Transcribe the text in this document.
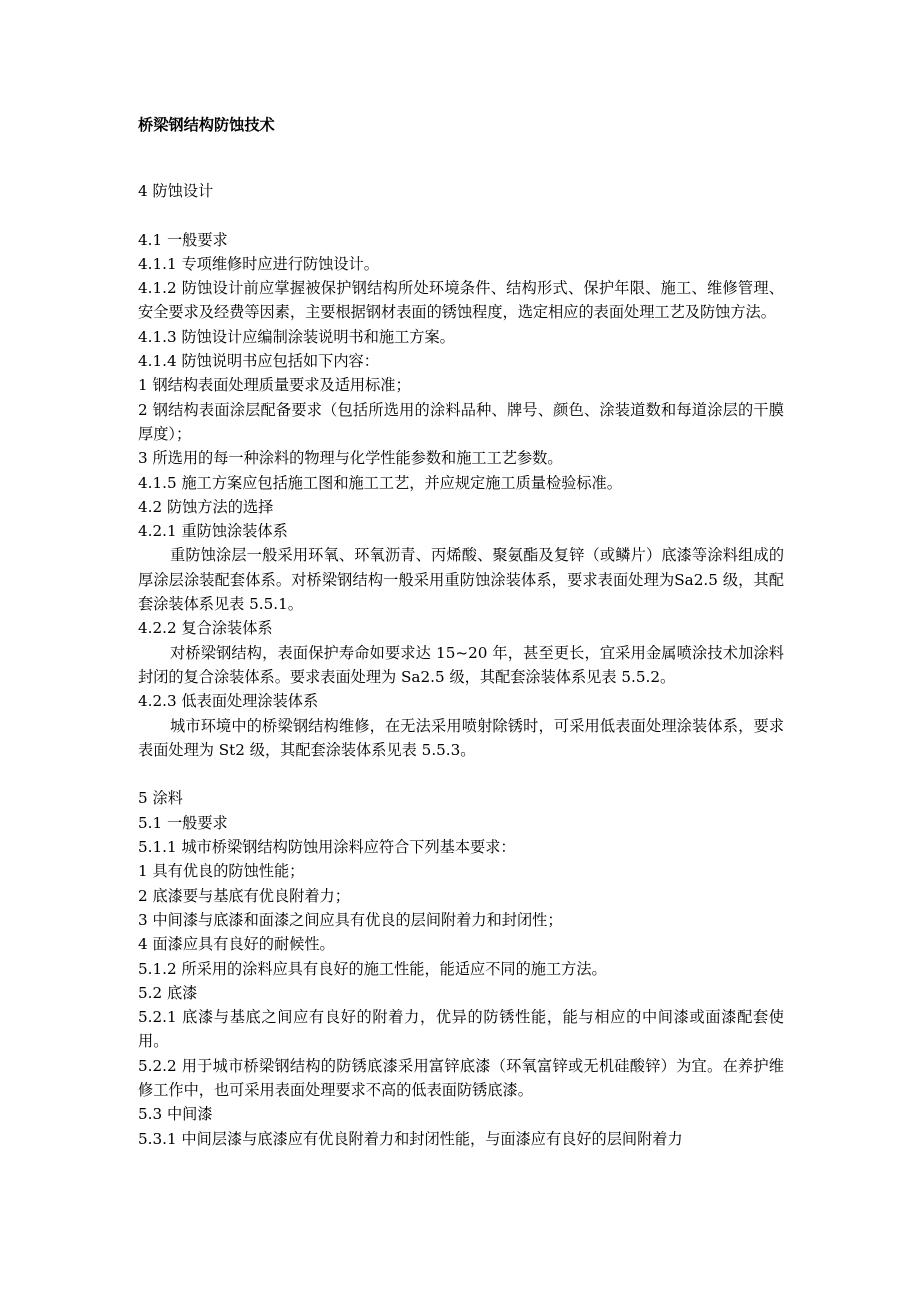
桥梁钢结构防蚀技术

4 防蚀设计

4.1 一般要求

4.1.1 专项维修时应进行防蚀设计。

4.1.2 防蚀设计前应掌握被保护钢结构所处环境条件、结构形式、保护年限、施工、维修管理、安全要求及经费等因素，主要根据钢材表面的锈蚀程度，选定相应的表面处理工艺及防蚀方法。

4.1.3 防蚀设计应编制涂装说明书和施工方案。

4.1.4 防蚀说明书应包括如下内容：

1 钢结构表面处理质量要求及适用标准；

2 钢结构表面涂层配备要求（包括所选用的涂料品种、牌号、颜色、涂装道数和每道涂层的干膜厚度）；

3 所选用的每一种涂料的物理与化学性能参数和施工工艺参数。

4.1.5 施工方案应包括施工图和施工工艺，并应规定施工质量检验标准。

4.2 防蚀方法的选择

4.2.1 重防蚀涂装体系

重防蚀涂层一般采用环氧、环氧沥青、丙烯酸、聚氨酯及复锌（或鳞片）底漆等涂料组成的厚涂层涂装配套体系。对桥梁钢结构一般采用重防蚀涂装体系，要求表面处理为Sa2.5 级，其配套涂装体系见表 5.5.1。

4.2.2 复合涂装体系

对桥梁钢结构，表面保护寿命如要求达 15~20 年，甚至更长，宜采用金属喷涂技术加涂料封闭的复合涂装体系。要求表面处理为 Sa2.5 级，其配套涂装体系见表 5.5.2。

4.2.3 低表面处理涂装体系

城市环境中的桥梁钢结构维修，在无法采用喷射除锈时，可采用低表面处理涂装体系，要求表面处理为 St2 级，其配套涂装体系见表 5.5.3。

5 涂料

5.1 一般要求

5.1.1 城市桥梁钢结构防蚀用涂料应符合下列基本要求：

1 具有优良的防蚀性能；

2 底漆要与基底有优良附着力；

3 中间漆与底漆和面漆之间应具有优良的层间附着力和封闭性；

4 面漆应具有良好的耐候性。

5.1.2 所采用的涂料应具有良好的施工性能，能适应不同的施工方法。

5.2 底漆

5.2.1 底漆与基底之间应有良好的附着力，优异的防锈性能，能与相应的中间漆或面漆配套使用。

5.2.2 用于城市桥梁钢结构的防锈底漆采用富锌底漆（环氧富锌或无机硅酸锌）为宜。在养护维修工作中，也可采用表面处理要求不高的低表面防锈底漆。

5.3 中间漆

5.3.1 中间层漆与底漆应有优良附着力和封闭性能，与面漆应有良好的层间附着力
